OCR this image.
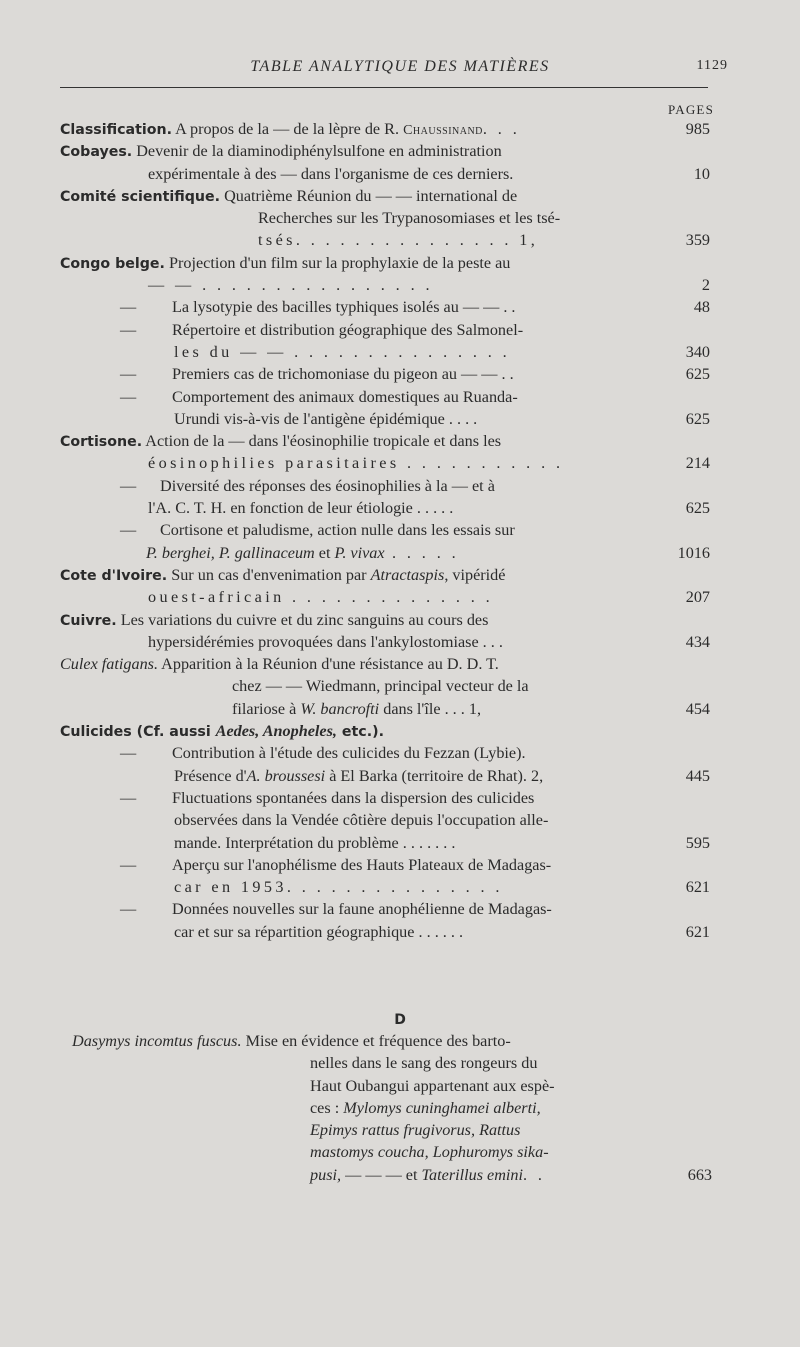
TABLE ANALYTIQUE DES MATIÈRES	1129
PAGES
Classification. A propos de la — de la lèpre de R. Chaussinand. . .	985
Cobayes. Devenir de la diaminodiphénylsulfone en administration
expérimentale à des — dans l'organisme de ces derniers.	10
Comité scientifique. Quatrième Réunion du — — international de
Recherches sur les Trypanosomiases et les tsé-
tsés. . . . . . . . . . . . . . . 1,	359
Congo belge. Projection d'un film sur la prophylaxie de la peste au
— — . . . . . . . . . . . . . . . .	2
— La lysotypie des bacilles typhiques isolés au — — . .	48
— Répertoire et distribution géographique des Salmonel-
les du — — . . . . . . . . . . . . . . .	340
— Premiers cas de trichomoniase du pigeon au — — . .	625
— Comportement des animaux domestiques au Ruanda-
Urundi vis-à-vis de l'antigène épidémique . . . .	625
Cortisone. Action de la — dans l'éosinophilie tropicale et dans les
éosinophilies parasitaires . . . . . . . . . . .	214
— Diversité des réponses des éosinophilies à la — et à
l'A. C. T. H. en fonction de leur étiologie . . . . .	625
— Cortisone et paludisme, action nulle dans les essais sur
P. berghei, P. gallinaceum et P. vivax . . . . .	1016
Cote d'Ivoire. Sur un cas d'envenimation par Atractaspis, vipéridé
ouest-africain . . . . . . . . . . . . . .	207
Cuivre. Les variations du cuivre et du zinc sanguins au cours des
hypersidérémies provoquées dans l'ankylostomiase . . .	434
Culex fatigans. Apparition à la Réunion d'une résistance au D. D. T.
chez — — Wiedmann, principal vecteur de la
filariose à W. bancrofti dans l'île . . . 1,	454
Culicides (Cf. aussi Aedes, Anopheles, etc.).
— Contribution à l'étude des culicides du Fezzan (Lybie).
Présence d'A. broussesi à El Barka (territoire de Rhat). 2,	445
— Fluctuations spontanées dans la dispersion des culicides
observées dans la Vendée côtière depuis l'occupation alle-
mande. Interprétation du problème . . . . . . .	595
— Aperçu sur l'anophélisme des Hauts Plateaux de Madagas-
car en 1953. . . . . . . . . . . . . . .	621
— Données nouvelles sur la faune anophélienne de Madagas-
car et sur sa répartition géographique . . . . . .	621
D
Dasymys incomtus fuscus. Mise en évidence et fréquence des barto-
nelles dans le sang des rongeurs du
Haut Oubangui appartenant aux espè-
ces : Mylomys cuninghamei alberti,
Epimys rattus frugivorus, Rattus
mastomys coucha, Lophuromys sika-
pusi, — — — et Taterillus emini. .	663
